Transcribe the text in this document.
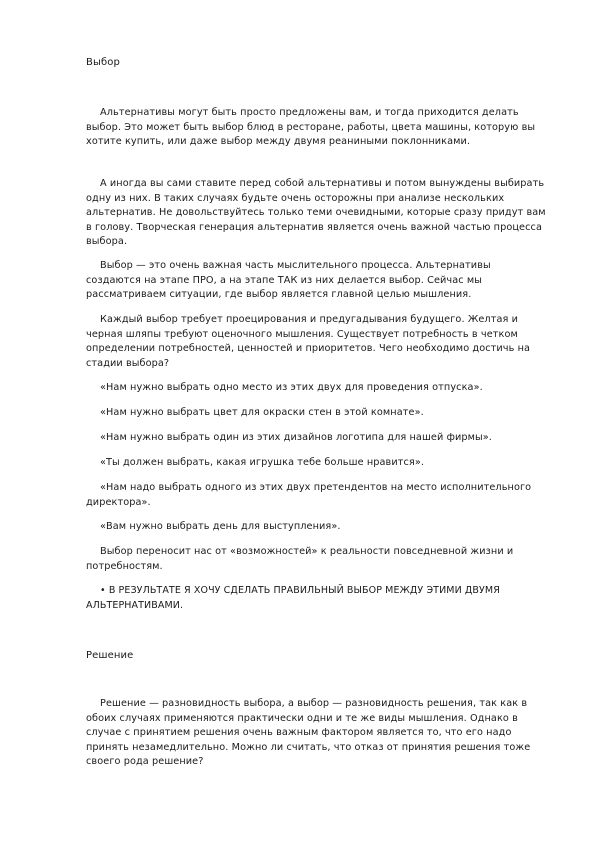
Выбор

Альтернативы могут быть просто предложены вам, и тогда приходится делать выбор. Это может быть выбор блюд в ресторане, работы, цвета машины, которую вы хотите купить, или даже выбор между двумя реаниными поклонниками.

А иногда вы сами ставите перед собой альтернативы и потом вынуждены выбирать одну из них. В таких случаях будьте очень осторожны при анализе нескольких альтернатив. Не довольствуйтесь только теми очевидными, которые сразу придут вам в голову. Творческая генерация альтернатив является очень важной частью процесса выбора.

Выбор — это очень важная часть мыслительного процесса. Альтернативы создаются на этапе ПРО, а на этапе ТАК из них делается выбор. Сейчас мы рассматриваем ситуации, где выбор является главной целью мышления.

Каждый выбор требует проецирования и предугадывания будущего. Желтая и черная шляпы требуют оценочного мышления. Существует потребность в четком определении потребностей, ценностей и приоритетов. Чего необходимо достичь на стадии выбора?

«Нам нужно выбрать одно место из этих двух для проведения отпуска».

«Нам нужно выбрать цвет для окраски стен в этой комнате».

«Нам нужно выбрать один из этих дизайнов логотипа для нашей фирмы».

«Ты должен выбрать, какая игрушка тебе больше нравится».

«Нам надо выбрать одного из этих двух претендентов на место исполнительного директора».

«Вам нужно выбрать день для выступления».

Выбор переносит нас от «возможностей» к реальности повседневной жизни и потребностям.

• В РЕЗУЛЬТАТЕ Я ХОЧУ СДЕЛАТЬ ПРАВИЛЬНЫЙ ВЫБОР МЕЖДУ ЭТИМИ ДВУМЯ АЛЬТЕРНАТИВАМИ.

Решение

Решение — разновидность выбора, а выбор — разновидность решения, так как в обоих случаях применяются практически одни и те же виды мышления. Однако в случае с принятием решения очень важным фактором является то, что его надо принять незамедлительно. Можно ли считать, что отказ от принятия решения тоже своего рода решение?
